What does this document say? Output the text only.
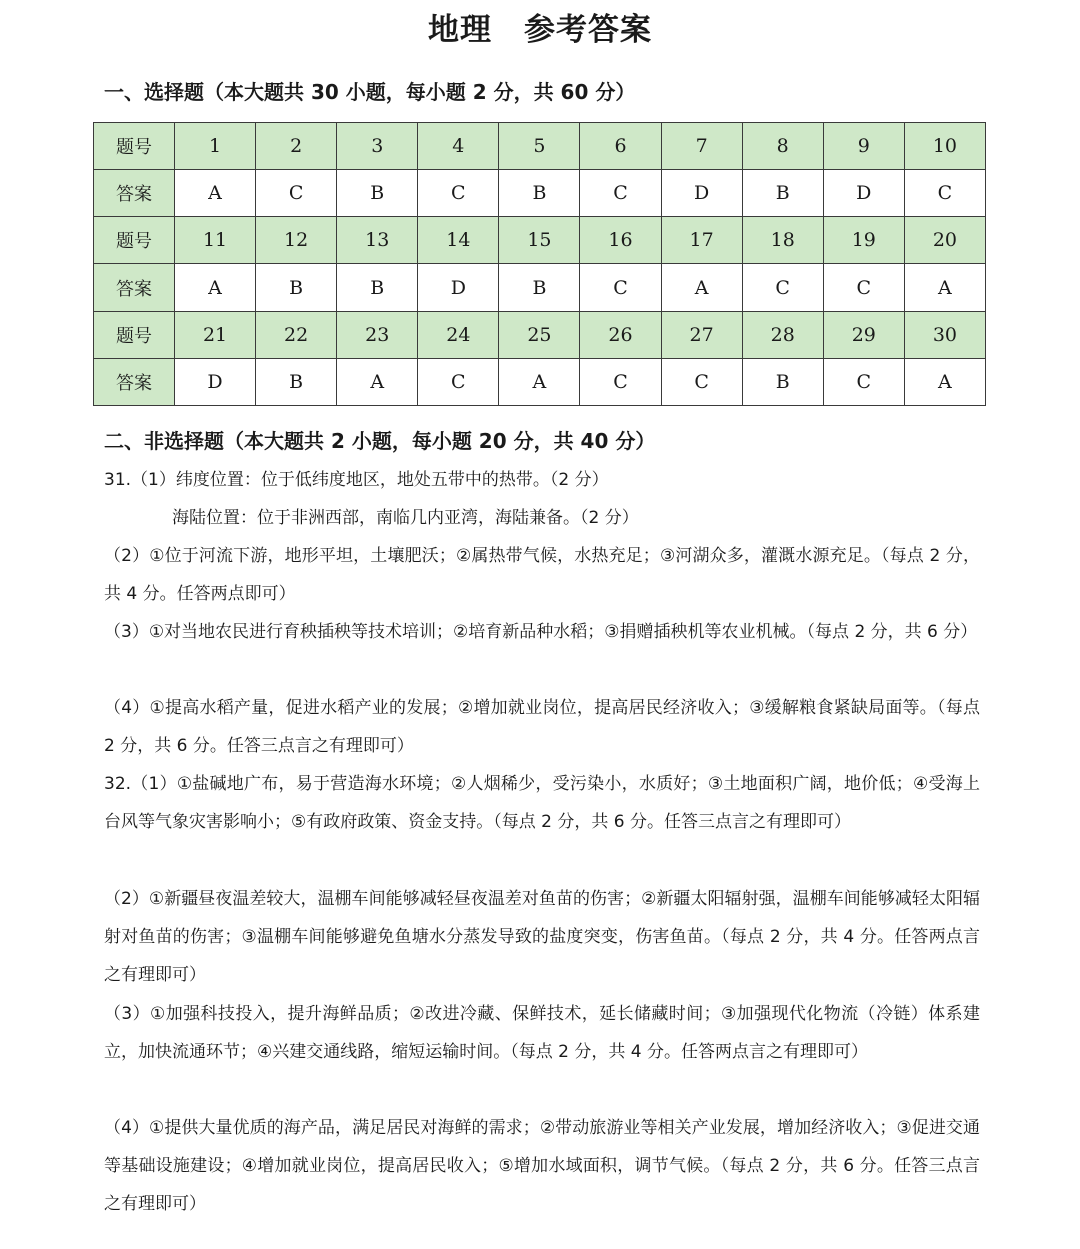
地理　参考答案
一、选择题（本大题共 30 小题，每小题 2 分，共 60 分）
题号	1	2	3	4	5	6	7	8	9	10
答案	A	C	B	C	B	C	D	B	D	C
题号	11	12	13	14	15	16	17	18	19	20
答案	A	B	B	D	B	C	A	C	C	A
题号	21	22	23	24	25	26	27	28	29	30
答案	D	B	A	C	A	C	C	B	C	A
二、非选择题（本大题共 2 小题，每小题 20 分，共 40 分）

31.（1）纬度位置：位于低纬度地区，地处五带中的热带。（2 分）

海陆位置：位于非洲西部，南临几内亚湾，海陆兼备。（2 分）

（2）①位于河流下游，地形平坦，土壤肥沃；②属热带气候，水热充足；③河湖众多，灌溉水源充足。（每点 2 分，共 4 分。任答两点即可）

（3）①对当地农民进行育秧插秧等技术培训；②培育新品种水稻；③捐赠插秧机等农业机械。（每点 2 分，共 6 分）

（4）①提高水稻产量，促进水稻产业的发展；②增加就业岗位，提高居民经济收入；③缓解粮食紧缺局面等。（每点 2 分，共 6 分。任答三点言之有理即可）

32.（1）①盐碱地广布，易于营造海水环境；②人烟稀少，受污染小，水质好；③土地面积广阔，地价低；④受海上台风等气象灾害影响小；⑤有政府政策、资金支持。（每点 2 分，共 6 分。任答三点言之有理即可）

（2）①新疆昼夜温差较大，温棚车间能够减轻昼夜温差对鱼苗的伤害；②新疆太阳辐射强，温棚车间能够减轻太阳辐射对鱼苗的伤害；③温棚车间能够避免鱼塘水分蒸发导致的盐度突变，伤害鱼苗。（每点 2 分，共 4 分。任答两点言之有理即可）

（3）①加强科技投入，提升海鲜品质；②改进冷藏、保鲜技术，延长储藏时间；③加强现代化物流（冷链）体系建立，加快流通环节；④兴建交通线路，缩短运输时间。（每点 2 分，共 4 分。任答两点言之有理即可）

（4）①提供大量优质的海产品，满足居民对海鲜的需求；②带动旅游业等相关产业发展，增加经济收入；③促进交通等基础设施建设；④增加就业岗位，提高居民收入；⑤增加水域面积，调节气候。（每点 2 分，共 6 分。任答三点言之有理即可）
